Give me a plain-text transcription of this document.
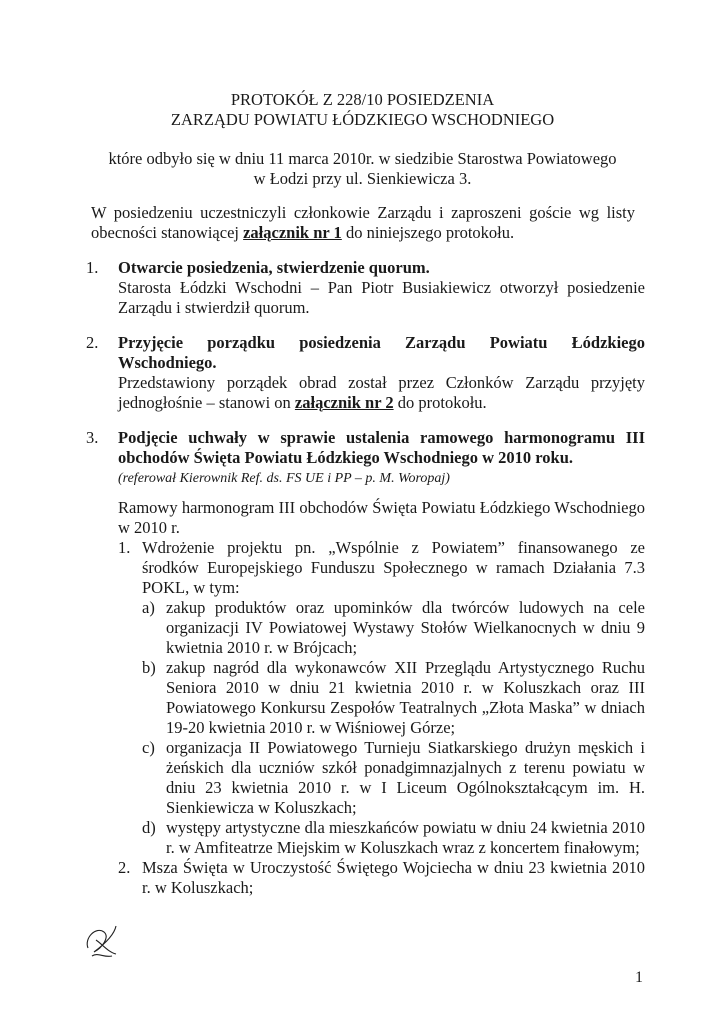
PROTOKÓŁ Z 228/10 POSIEDZENIA
ZARZĄDU POWIATU ŁÓDZKIEGO WSCHODNIEGO
które odbyło się w dniu 11 marca 2010r. w siedzibie Starostwa Powiatowego
w Łodzi przy ul. Sienkiewicza 3.
W posiedzeniu uczestniczyli członkowie Zarządu i zaproszeni goście wg listy obecności stanowiącej załącznik nr 1 do niniejszego protokołu.
1. Otwarcie posiedzenia, stwierdzenie quorum.
Starosta Łódzki Wschodni – Pan Piotr Busiakiewicz otworzył posiedzenie Zarządu i stwierdził quorum.
2. Przyjęcie porządku posiedzenia Zarządu Powiatu Łódzkiego Wschodniego.
Przedstawiony porządek obrad został przez Członków Zarządu przyjęty jednogłośnie – stanowi on załącznik nr 2 do protokołu.
3. Podjęcie uchwały w sprawie ustalenia ramowego harmonogramu III obchodów Święta Powiatu Łódzkiego Wschodniego w 2010 roku.
(referował Kierownik Ref. ds. FS UE i PP – p. M. Woropaj)
Ramowy harmonogram III obchodów Święta Powiatu Łódzkiego Wschodniego w 2010 r.
1. Wdrożenie projektu pn. „Wspólnie z Powiatem” finansowanego ze środków Europejskiego Funduszu Społecznego w ramach Działania 7.3 POKL, w tym:
a) zakup produktów oraz upominków dla twórców ludowych na cele organizacji IV Powiatowej Wystawy Stołów Wielkanocnych w dniu 9 kwietnia 2010 r. w Brójcach;
b) zakup nagród dla wykonawców XII Przeglądu Artystycznego Ruchu Seniora 2010 w dniu 21 kwietnia 2010 r. w Koluszkach oraz III Powiatowego Konkursu Zespołów Teatralnych „Złota Maska” w dniach 19-20 kwietnia 2010 r. w Wiśniowej Górze;
c) organizacja II Powiatowego Turnieju Siatkarskiego drużyn męskich i żeńskich dla uczniów szkół ponadgimnazjalnych z terenu powiatu w dniu 23 kwietnia 2010 r. w I Liceum Ogólnokształcącym im. H. Sienkiewicza w Koluszkach;
d) występy artystyczne dla mieszkańców powiatu w dniu 24 kwietnia 2010 r. w Amfiteatrze Miejskim w Koluszkach wraz z koncertem finałowym;
2. Msza Święta w Uroczystość Świętego Wojciecha w dniu 23 kwietnia 2010 r. w Koluszkach;
1
